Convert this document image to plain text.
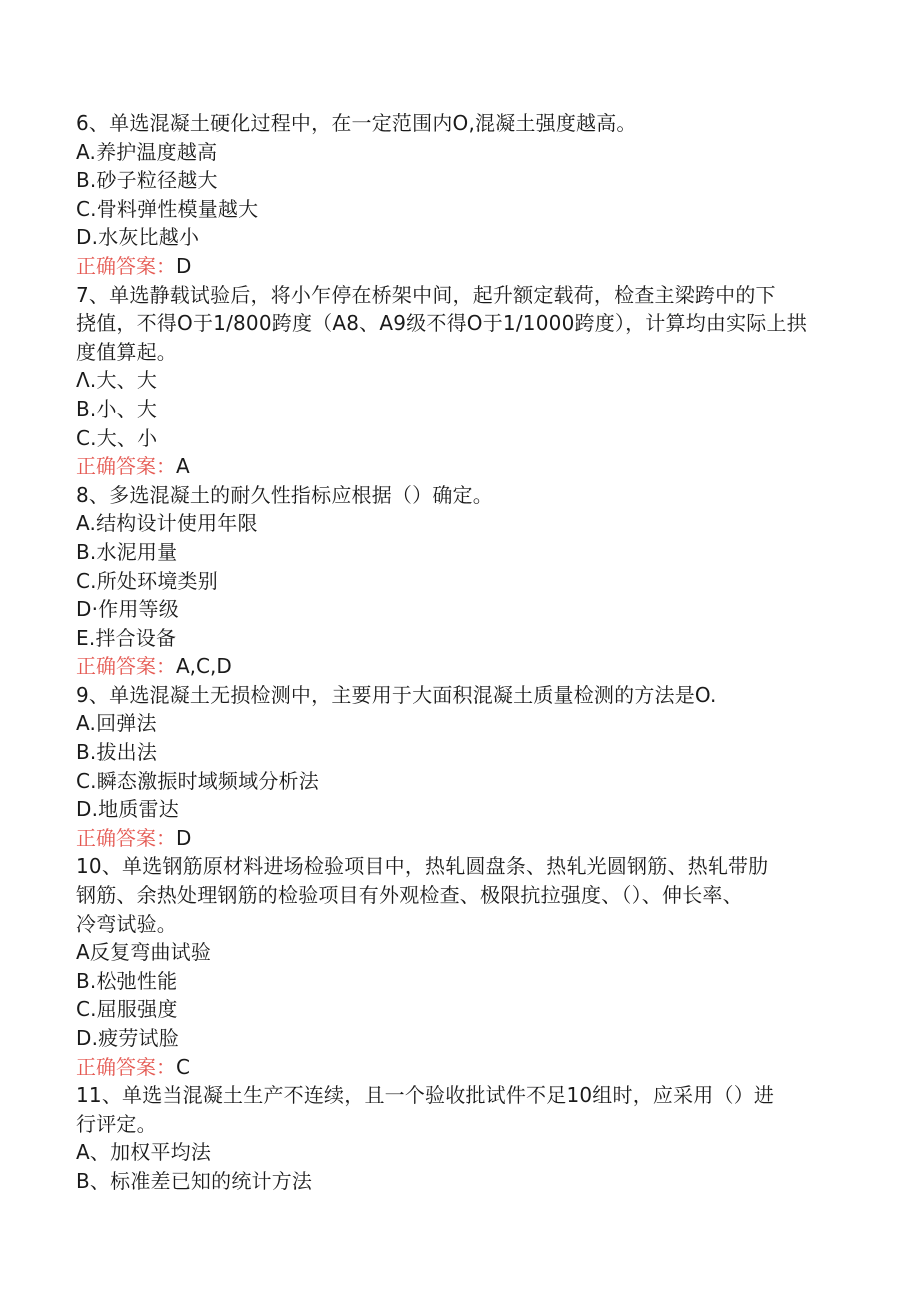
6、单选混凝土硬化过程中，在一定范围内O,混凝土强度越高。
A.养护温度越高
B.砂子粒径越大
C.骨料弹性模量越大
D.水灰比越小
正确答案：D
7、单选静载试验后，将小乍停在桥架中间，起升额定载荷，检查主梁跨中的下
挠值，不得O于1/800跨度（A8、A9级不得O于1/1000跨度），计算均由实际上拱
度值算起。
Λ.大、大
B.小、大
C.大、小
正确答案：A
8、多选混凝土的耐久性指标应根据（）确定。
A.结构设计使用年限
B.水泥用量
C.所处环境类别
D·作用等级
E.拌合设备
正确答案：A,C,D
9、单选混凝土无损检测中，主要用于大面积混凝土质量检测的方法是O.
A.回弹法
B.拔出法
C.瞬态激振时域频域分析法
D.地质雷达
正确答案：D
10、单选钢筋原材料进场检验项目中，热轧圆盘条、热轧光圆钢筋、热轧带肋
钢筋、余热处理钢筋的检验项目有外观检查、极限抗拉强度、（）、伸长率、
冷弯试验。
A反复弯曲试验
B.松弛性能
C.屈服强度
D.疲劳试脸
正确答案：C
11、单选当混凝土生产不连续，且一个验收批试件不足10组时，应采用（）进
行评定。
A、加权平均法
B、标准差已知的统计方法
